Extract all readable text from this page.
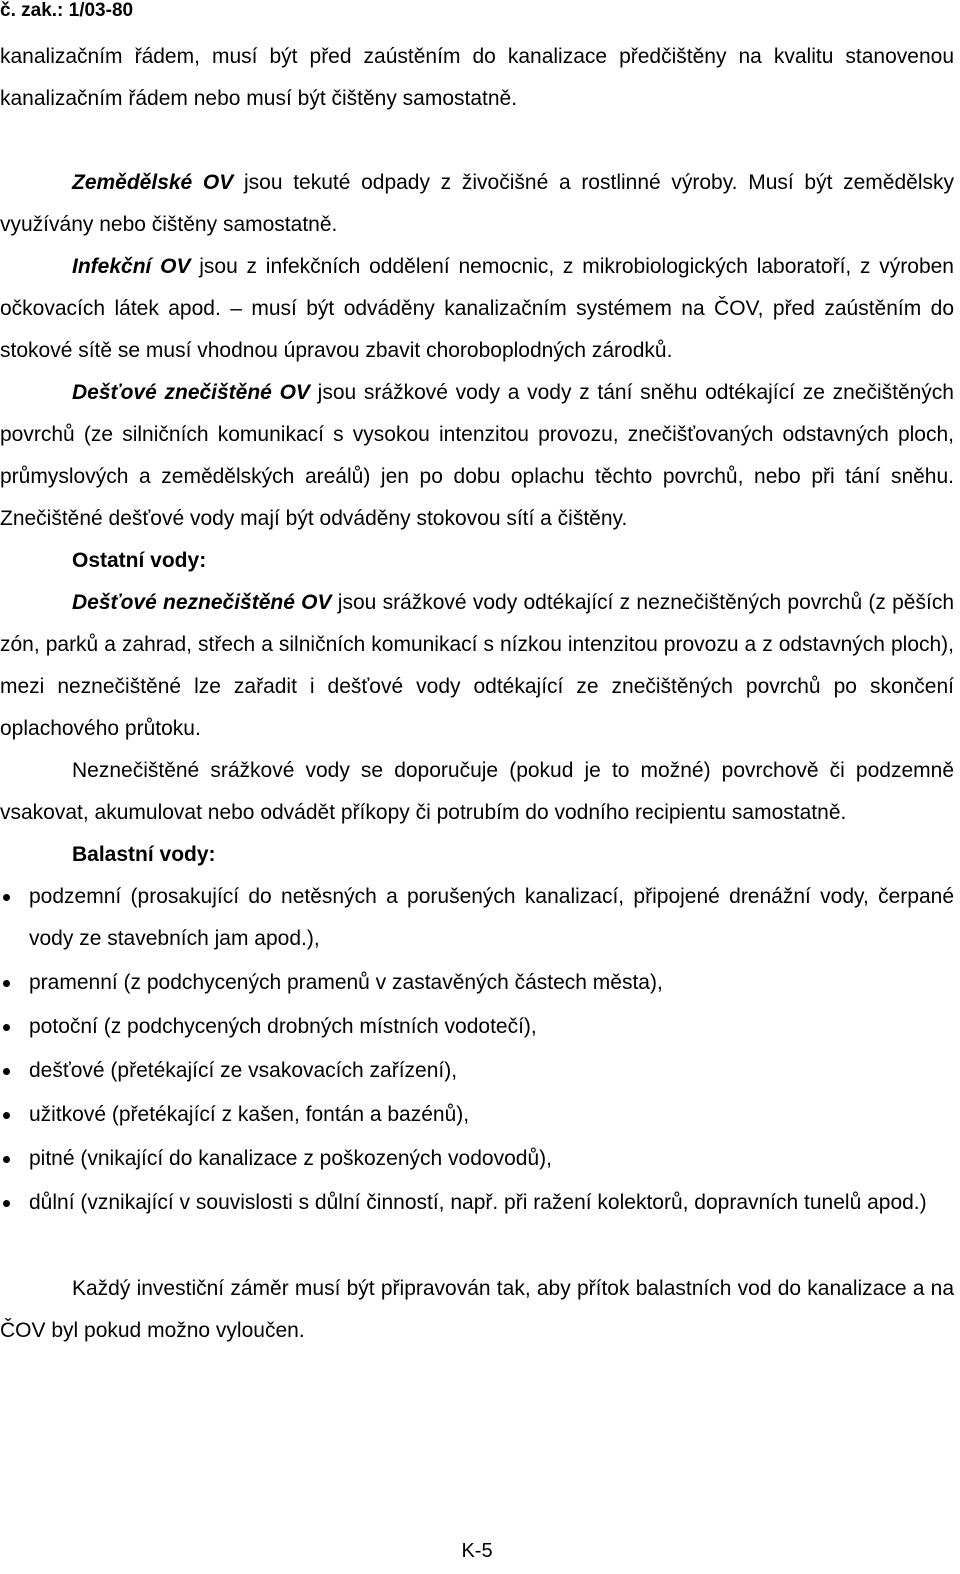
č. zak.: 1/03-80

kanalizačním řádem, musí být před zaústěním do kanalizace předčištěny na kvalitu stanovenou kanalizačním řádem nebo musí být čištěny samostatně.

Zemědělské OV jsou tekuté odpady z živočišné a rostlinné výroby. Musí být zemědělsky využívány nebo čištěny samostatně.

Infekční OV jsou z infekčních oddělení nemocnic, z mikrobiologických laboratoří, z výroben očkovacích látek apod. – musí být odváděny kanalizačním systémem na ČOV, před zaústěním do stokové sítě se musí vhodnou úpravou zbavit choroboplodných zárodků.

Dešťové znečištěné OV jsou srážkové vody a vody z tání sněhu odtékající ze znečištěných povrchů (ze silničních komunikací s vysokou intenzitou provozu, znečišťovaných odstavných ploch, průmyslových a zemědělských areálů) jen po dobu oplachu těchto povrchů, nebo při tání sněhu. Znečištěné dešťové vody mají být odváděny stokovou sítí a čištěny.

Ostatní vody:

Dešťové neznečištěné OV jsou srážkové vody odtékající z neznečištěných povrchů (z pěších zón, parků a zahrad, střech a silničních komunikací s nízkou intenzitou provozu a z odstavných ploch), mezi neznečištěné lze zařadit i dešťové vody odtékající ze znečištěných povrchů po skončení oplachového průtoku.

Neznečištěné srážkové vody se doporučuje (pokud je to možné) povrchově či podzemně vsakovat, akumulovat nebo odvádět příkopy či potrubím do vodního recipientu samostatně.

Balastní vody:

podzemní (prosakující do netěsných a porušených kanalizací, připojené drenážní vody, čerpané vody ze stavebních jam apod.),
pramenní (z podchycených pramenů v zastavěných částech města),
potoční (z podchycených drobných místních vodotečí),
dešťové (přetékající ze vsakovacích zařízení),
užitkové (přetékající z kašen, fontán a bazénů),
pitné (vnikající do kanalizace z poškozených vodovodů),
důlní (vznikající v souvislosti s důlní činností, např. při ražení kolektorů, dopravních tunelů apod.)

Každý investiční záměr musí být připravován tak, aby přítok balastních vod do kanalizace a na ČOV byl pokud možno vyloučen.

K-5
